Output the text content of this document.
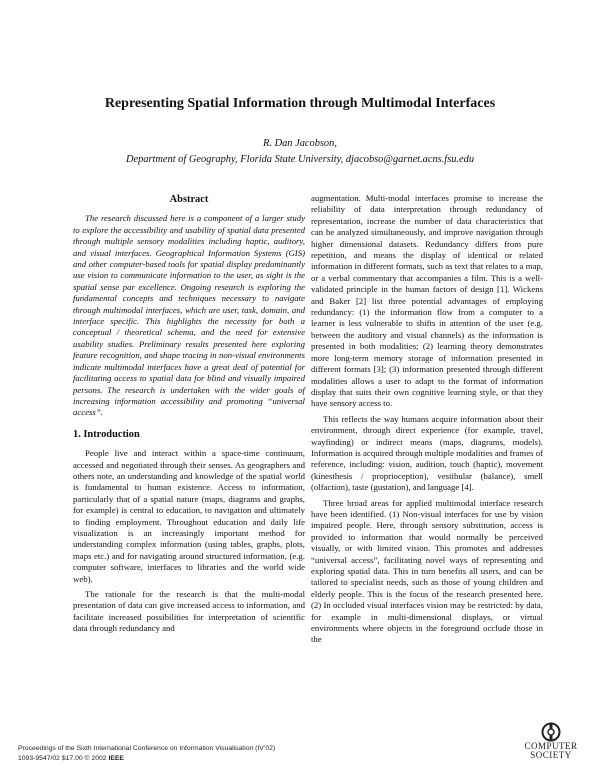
Representing Spatial Information through Multimodal Interfaces
R. Dan Jacobson,
Department of Geography, Florida State University, djacobso@garnet.acns.fsu.edu
Abstract

The research discussed here is a component of a larger study to explore the accessibility and usability of spatial data presented through multiple sensory modalities including haptic, auditory, and visual interfaces. Geographical Information Systems (GIS) and other computer-based tools for spatial display predominantly use vision to communicate information to the user, as sight is the spatial sense par excellence. Ongoing research is exploring the fundamental concepts and techniques necessary to navigate through multimodal interfaces, which are user, task, domain, and interface specific. This highlights the necessity for both a conceptual / theoretical schema, and the need for extensive usability studies. Preliminary results presented here exploring feature recognition, and shape tracing in non-visual environments indicate multimodal interfaces have a great deal of potential for facilitating access to spatial data for blind and visually impaired persons. The research is undertaken with the wider goals of increasing information accessibility and promoting “universal access”.

1. Introduction

People live and interact within a space-time continuum, accessed and negotiated through their senses. As geographers and others note, an understanding and knowledge of the spatial world is fundamental to human existence. Access to information, particularly that of a spatial nature (maps, diagrams and graphs, for example) is central to education, to navigation and ultimately to finding employment. Throughout education and daily life visualization is an increasingly important method for understanding complex information (using tables, graphs, plots, maps etc.) and for navigating around structured information, (e.g. computer software, interfaces to libraries and the world wide web).

The rationale for the research is that the multi-modal presentation of data can give increased access to information, and facilitate increased possibilities for interpretation of scientific data through redundancy and

augmentation. Multi-modal interfaces promise to increase the reliability of data interpretation through redundancy of representation, increase the number of data characteristics that can be analyzed simultaneously, and improve navigation through higher dimensional datasets. Redundancy differs from pure repetition, and means the display of identical or related information in different formats, such as text that relates to a map, or a verbal commentary that accompanies a film. This is a well-validated principle in the human factors of design [1]. Wickens and Baker [2] list three potential advantages of employing redundancy: (1) the information flow from a computer to a learner is less vulnerable to shifts in attention of the user (e.g. between the auditory and visual channels) as the information is presented in both modalities; (2) learning theory demonstrates more long-term memory storage of information presented in different formats [3]; (3) information presented through different modalities allows a user to adapt to the format of information display that suits their own cognitive learning style, or that they have sensory access to.

This reflects the way humans acquire information about their environment, through direct experience (for example, travel, wayfinding) or indirect means (maps, diagrams, models). Information is acquired through multiple modalities and frames of reference, including: vision, audition, touch (haptic), movement (kinesthesis / proprioception), vestibular (balance), smell (olfaction), taste (gustation), and language [4].

Three broad areas for applied multimodal interface research have been identified. (1) Non-visual interfaces for use by vision impaired people. Here, through sensory substitution, access is provided to information that would normally be perceived visually, or with limited vision. This promotes and addresses “universal access”, facilitating novel ways of representing and exploring spatial data. This in turn benefits all users, and can be tailored to specialist needs, such as those of young children and elderly people. This is the focus of the research presented here. (2) In occluded visual interfaces vision may be restricted: by data, for example in multi-dimensional displays, or virtual environments where objects in the foreground occlude those in the

Proceedings of the Sixth International Conference on Information Visualisation (IV’02)
1093-9547/02 $17.00 © 2002 IEEE
COMPUTER
SOCIETY
